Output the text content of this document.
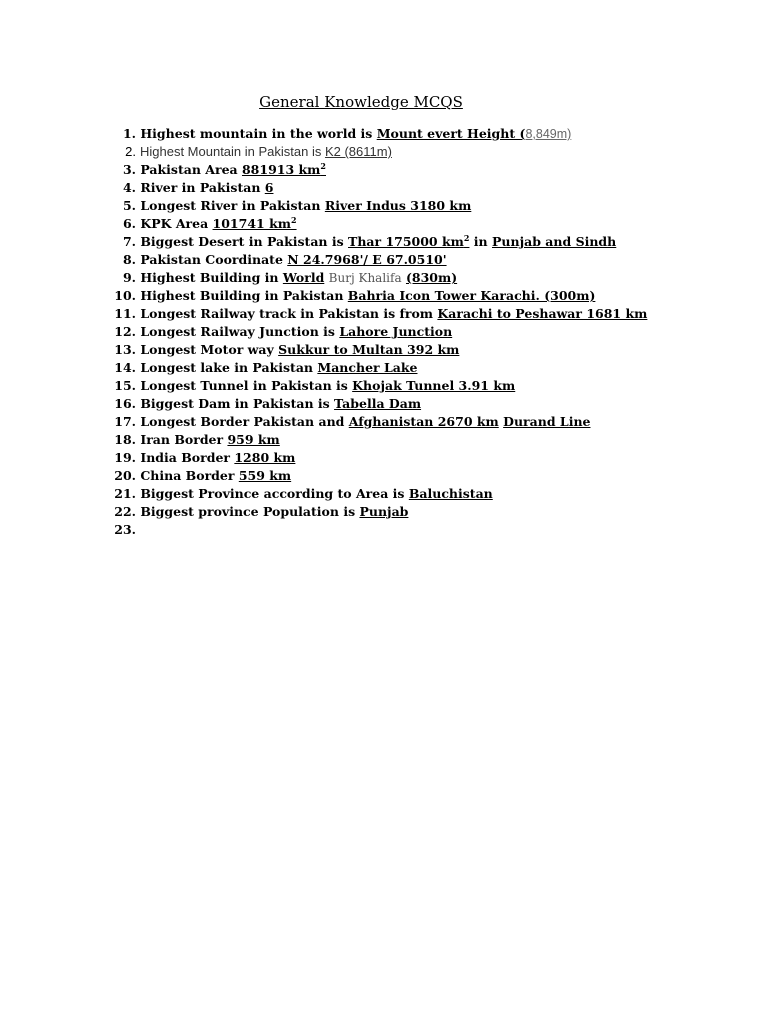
General Knowledge MCQS
1. Highest mountain in the world is Mount evert Height (8,849m)
2. Highest Mountain in Pakistan is K2 (8611m)
3. Pakistan Area 881913 $km^2$
4. River in Pakistan 6
5. Longest River in Pakistan River Indus 3180 km
6. KPK Area 101741 $km^2$
7. Biggest Desert in Pakistan is Thar 175000 $km^2$ in Punjab and Sindh
8. Pakistan Coordinate N 24.7968'/ E 67.0510'
9. Highest Building in World Burj Khalifa (830m)
10. Highest Building in Pakistan Bahria Icon Tower Karachi. (300m)
11. Longest Railway track in Pakistan is from Karachi to Peshawar 1681 km
12. Longest Railway Junction is Lahore Junction
13. Longest Motor way Sukkur to Multan 392 km
14. Longest lake in Pakistan Mancher Lake
15. Longest Tunnel in Pakistan is Khojak Tunnel 3.91 km
16. Biggest Dam in Pakistan is Tabella Dam
17. Longest Border Pakistan and Afghanistan 2670 km Durand Line
18. Iran Border 959 km
19. India Border 1280 km
20. China Border 559 km
21. Biggest Province according to Area is Baluchistan
22. Biggest province Population is Punjab
23.
